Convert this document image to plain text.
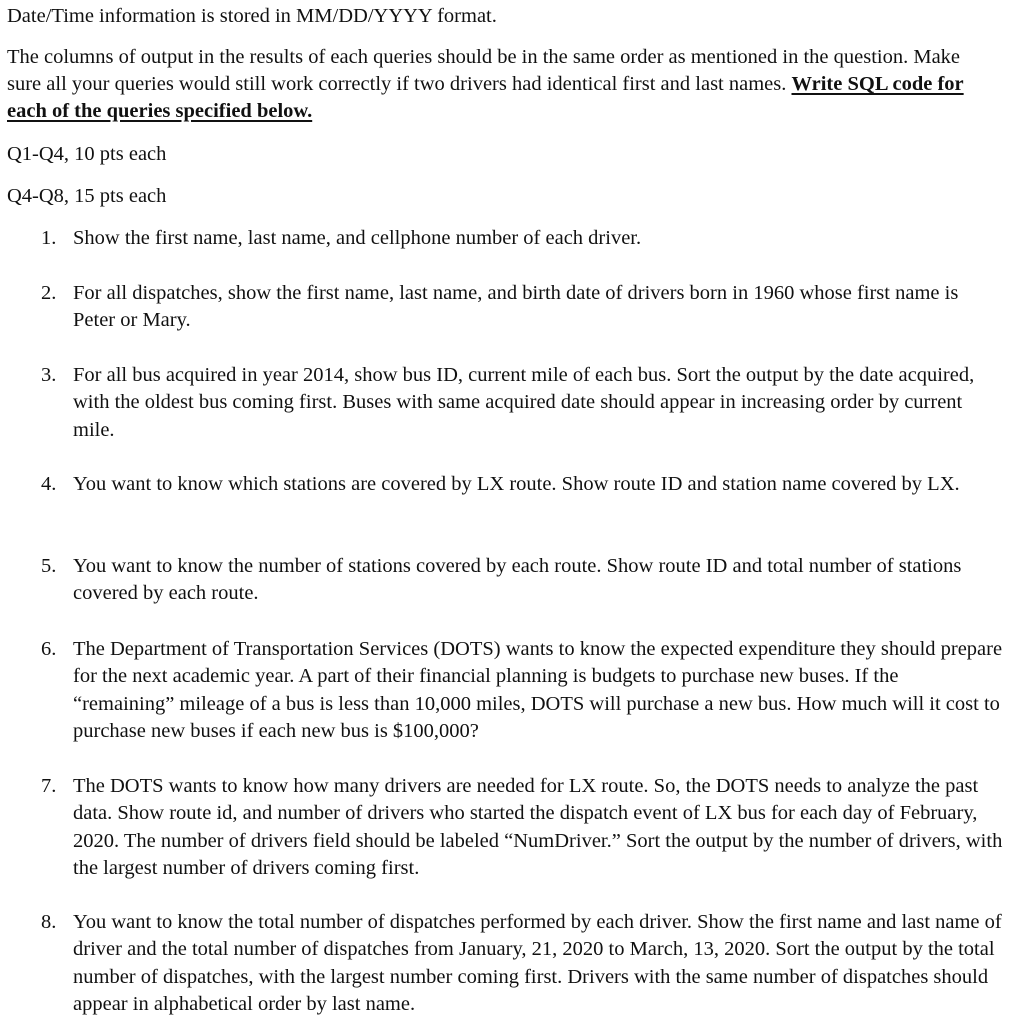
Date/Time information is stored in MM/DD/YYYY format.

The columns of output in the results of each queries should be in the same order as mentioned in the question. Make sure all your queries would still work correctly if two drivers had identical first and last names. Write SQL code for each of the queries specified below.

Q1-Q4, 10 pts each

Q4-Q8, 15 pts each

1. Show the first name, last name, and cellphone number of each driver.
2. For all dispatches, show the first name, last name, and birth date of drivers born in 1960 whose first name is Peter or Mary.
3. For all bus acquired in year 2014, show bus ID, current mile of each bus. Sort the output by the date acquired, with the oldest bus coming first. Buses with same acquired date should appear in increasing order by current mile.
4. You want to know which stations are covered by LX route. Show route ID and station name covered by LX.
5. You want to know the number of stations covered by each route. Show route ID and total number of stations covered by each route.
6. The Department of Transportation Services (DOTS) wants to know the expected expenditure they should prepare for the next academic year. A part of their financial planning is budgets to purchase new buses. If the “remaining” mileage of a bus is less than 10,000 miles, DOTS will purchase a new bus. How much will it cost to purchase new buses if each new bus is $100,000?
7. The DOTS wants to know how many drivers are needed for LX route. So, the DOTS needs to analyze the past data. Show route id, and number of drivers who started the dispatch event of LX bus for each day of February, 2020. The number of drivers field should be labeled “NumDriver.” Sort the output by the number of drivers, with the largest number of drivers coming first.
8. You want to know the total number of dispatches performed by each driver. Show the first name and last name of driver and the total number of dispatches from January, 21, 2020 to March, 13, 2020. Sort the output by the total number of dispatches, with the largest number coming first. Drivers with the same number of dispatches should appear in alphabetical order by last name.
